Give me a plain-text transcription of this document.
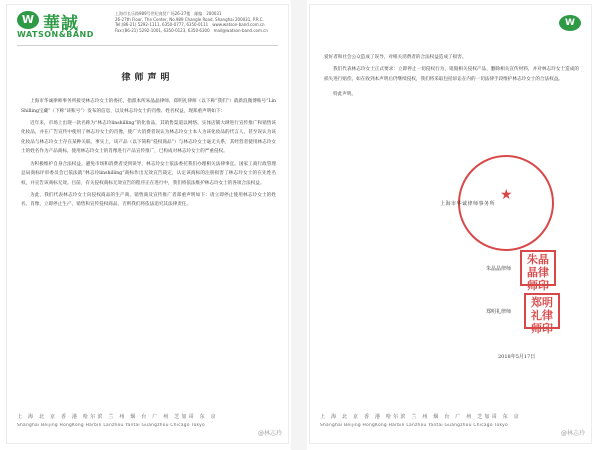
W 華誠
WATSON&BAND
上海市长乐路989号世纪商贸广场26-27楼　邮编：200031
26-27th Floor, The Center, No.989 Changle Road, Shanghai 200031, P.R.C.
Tel:(86-21) 5292-1111, 6350-0777, 6350-0111　www.watson-band.com.cn
Fax:(86-21) 5292-1001, 6350-0123, 6350-6300　mail@watson-band.com.cn
律师声明

上海市华诚律师事务所接受林志玲女士的委托，指派本所朱晶晶律师、郑明礼律师（以下称“我们”）就新浪微博账号“LinShilling宝藏”（下称“该账号”）发布的信息，以及林志玲女士的肖像、姓名权益，现郑重声明如下：

近年来，市场上出现一款名称为“林志玲linshilling”的化妆品，其销售渠道以网络、实体店铺大肆进行宣传推广和销售该化妆品，并在广告宣传中使用了林志玲女士的肖像，使广大消费者误认为林志玲女士本人为该化妆品的代言人，甚至误认为该化妆品与林志玲女士存在某种关联。事实上，该产品（以下简称“侵权商品”）与林志玲女士毫无关系，其经营者使用林志玲女士的姓名作为产品商标，使用林志玲女士的肖像进行产品宣传推广，已构成对林志玲女士的严重侵权。

为积极维护自身合法权益，避免市场和消费者受到误导，林志玲女士依法委托我们办理相关法律事宜。国家工商行政管理总局商标评审委员会已依法就“林志玲linshilling”商标作出无效宣告裁定，认定该商标的注册损害了林志玲女士的在先姓名权，并宣告该商标无效。目前，有关侵权商标无效宣告的程序正在进行中，我们将依法维护林志玲女士的各项合法权益。

为此，我们代表林志玲女士向侵权商品的生产商、销售商及宣传推广者郑重声明如下：请立即停止使用林志玲女士的姓名、肖像，立即停止生产、销售和宣传侵权商品，否则我们将依法追究其法律责任。

上 海 北 京 香 港 哈尔滨 兰 州 烟 台 广 州 芝加哥 东 京
Shanghai Beijing HongKong Harbin Lanzhou Yantai Guangzhou Chicago Tokyo
@林志玲
W

爱好者和社会公众造成了误导，对相关消费者的合法权益造成了损害。

我们代表林志玲女士正式要求：立即停止一切侵权行为，销毁相关侵权产品，删除相关宣传材料，并对林志玲女士造成的损失进行赔偿。如在收到本声明后仍继续侵权，我们将采取包括诉讼在内的一切法律手段维护林志玲女士的合法权益。

特此声明。

★
上海市华诚律师事务所
朱晶晶律师
朱晶晶律师印
郑明礼律师
郑明礼律师印
2018年5月17日
上 海 北 京 香 港 哈尔滨 兰 州 烟 台 广 州 芝加哥 东 京
Shanghai Beijing HongKong Harbin Lanzhou Yantai Guangzhou Chicago Tokyo
@林志玲
